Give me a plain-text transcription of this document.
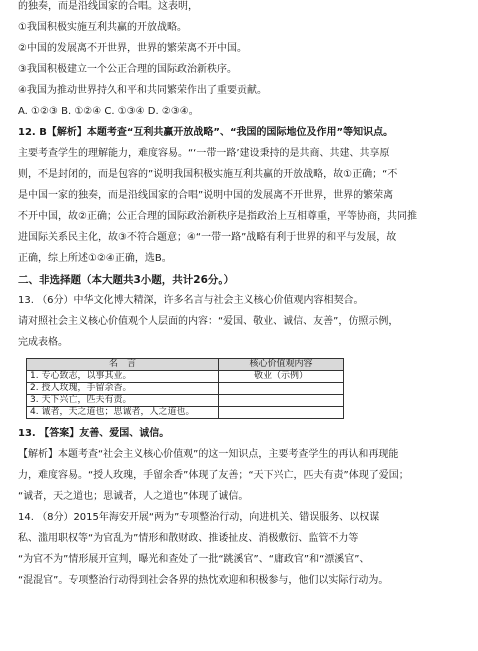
的独奏，而是沿线国家的合唱。这表明，
①我国积极实施互利共赢的开放战略。
②中国的发展离不开世界，世界的繁荣离不开中国。
③我国积极建立一个公正合理的国际政治新秩序。
④我国为推动世界持久和平和共同繁荣作出了重要贡献。
A. ①②③ B. ①②④ C. ①③④ D. ②③④。
12. B【解析】本题考查“互利共赢开放战略”、“我国的国际地位及作用”等知识点。
主要考查学生的理解能力，难度容易。“‘一带一路’建设秉持的是共商、共建、共享原
则，不是封闭的，而是包容的”说明我国积极实施互利共赢的开放战略，故①正确；“不
是中国一家的独奏，而是沿线国家的合唱”说明中国的发展离不开世界，世界的繁荣离
不开中国，故②正确；公正合理的国际政治新秩序是指政治上互相尊重，平等协商，共同推
进国际关系民主化，故③不符合题意；④“一带一路”战略有利于世界的和平与发展，故
正确，综上所述①②④正确，选B。
二、非选择题（本大题共3小题，共计26分。）
13. （6分）中华文化博大精深，许多名言与社会主义核心价值观内容相契合。
请对照社会主义核心价值观个人层面的内容：“爱国、敬业、诚信、友善”，仿照示例，
完成表格。
名　言	核心价值观内容
1. 专心致志，以事其业。	敬业（示例）
2. 授人玫瑰，手留余香。	
3. 天下兴亡，匹夫有责。	
4. 诚者，天之道也；思诚者，人之道也。	
13. 【答案】友善、爱国、诚信。
【解析】本题考查“社会主义核心价值观”的这一知识点，主要考查学生的再认和再现能
力，难度容易。“授人玫瑰，手留余香”体现了友善；“天下兴亡，匹夫有责”体现了爱国；
“诚者，天之道也；思诚者，人之道也”体现了诚信。
14. （8分）2015年海安开展“两为”专项整治行动，向进机关、错误服务、以权谋
私、滥用职权等“为官乱为”情形和散财政、推诿扯皮、消极敷衍、监管不力等
“为官不为”情形展开宣判，曝光和查处了一批“跳溪官”、“庸政官”和“漂溪官”、
“混混官”。专项整治行动得到社会各界的热忱欢迎和积极参与，他们以实际行动为。
